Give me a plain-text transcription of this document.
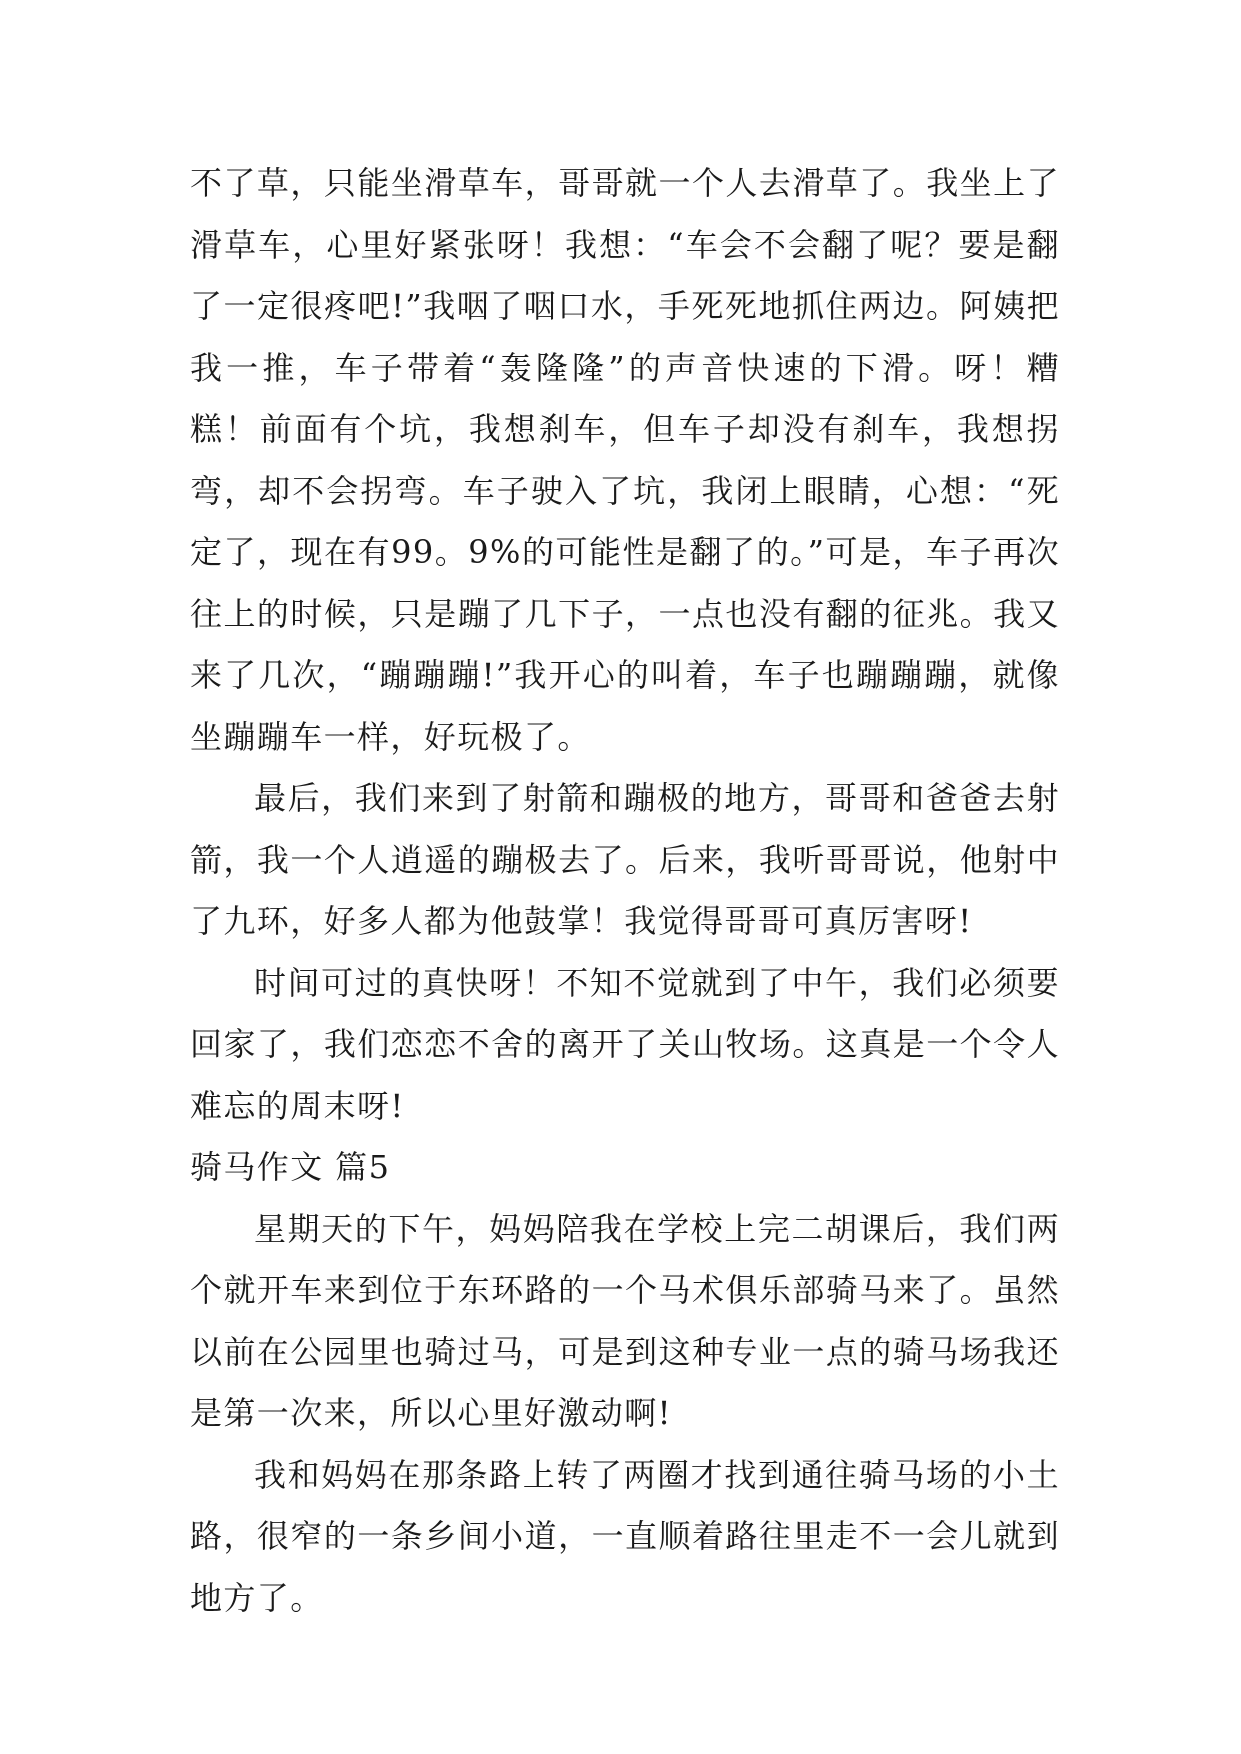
不了草，只能坐滑草车，哥哥就一个人去滑草了。我坐上了滑草车，心里好紧张呀！我想：“车会不会翻了呢？要是翻了一定很疼吧!”我咽了咽口水，手死死地抓住两边。阿姨把我一推，车子带着“轰隆隆”的声音快速的下滑。呀！糟糕！前面有个坑，我想刹车，但车子却没有刹车，我想拐弯，却不会拐弯。车子驶入了坑，我闭上眼睛，心想：“死定了，现在有99。9%的可能性是翻了的。”可是，车子再次往上的时候，只是蹦了几下子，一点也没有翻的征兆。我又来了几次，“蹦蹦蹦!”我开心的叫着，车子也蹦蹦蹦，就像坐蹦蹦车一样，好玩极了。

最后，我们来到了射箭和蹦极的地方，哥哥和爸爸去射箭，我一个人逍遥的蹦极去了。后来，我听哥哥说，他射中了九环，好多人都为他鼓掌！我觉得哥哥可真厉害呀!

时间可过的真快呀！不知不觉就到了中午，我们必须要回家了，我们恋恋不舍的离开了关山牧场。这真是一个令人难忘的周末呀!

骑马作文 篇5

星期天的下午，妈妈陪我在学校上完二胡课后，我们两个就开车来到位于东环路的一个马术俱乐部骑马来了。虽然以前在公园里也骑过马，可是到这种专业一点的骑马场我还是第一次来，所以心里好激动啊!

我和妈妈在那条路上转了两圈才找到通往骑马场的小土路，很窄的一条乡间小道，一直顺着路往里走不一会儿就到地方了。
